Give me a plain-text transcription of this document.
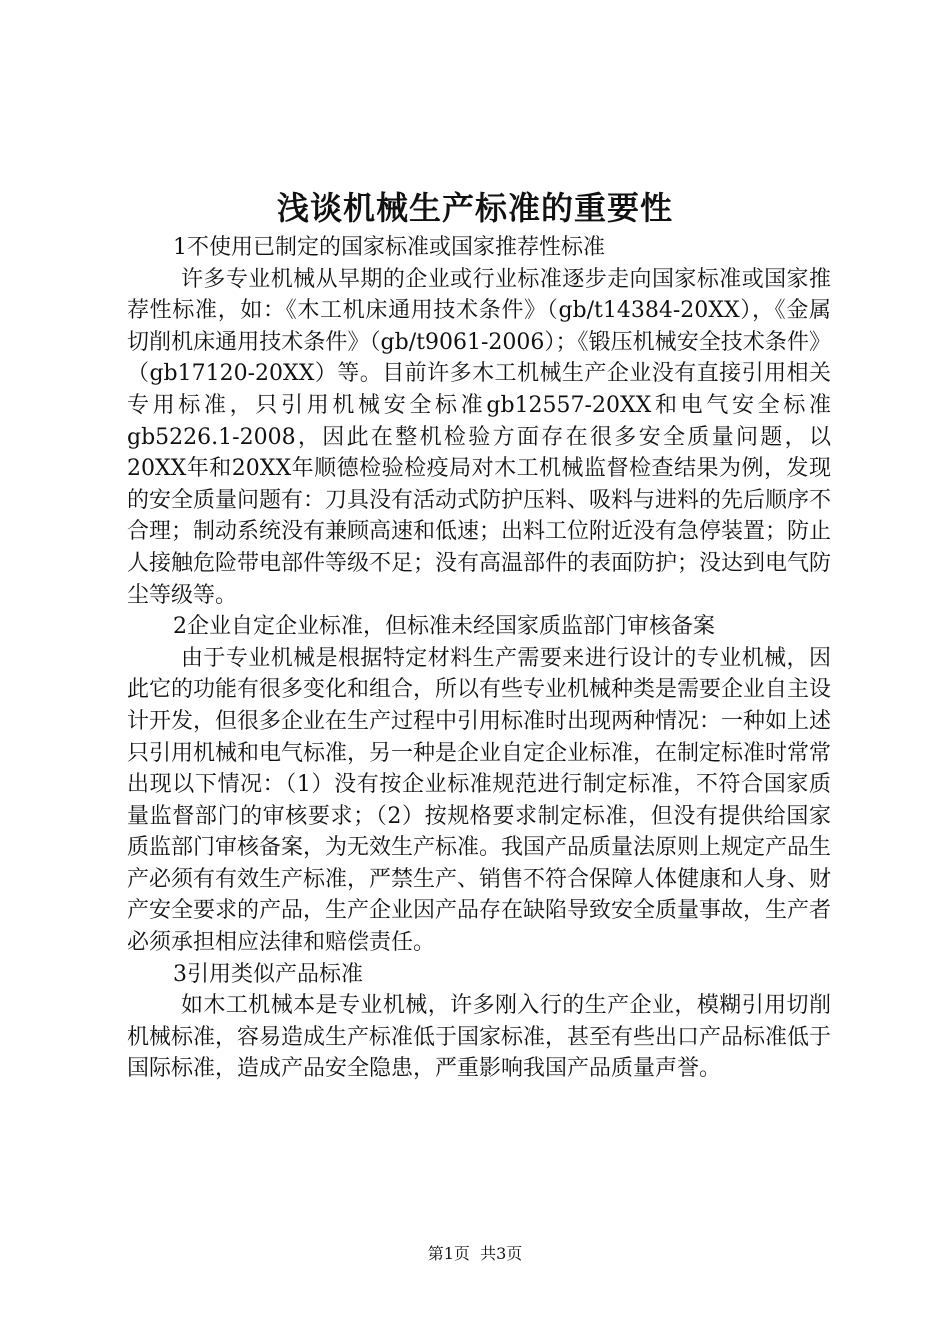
浅谈机械生产标准的重要性

1不使用已制定的国家标准或国家推荐性标准

许多专业机械从早期的企业或行业标准逐步走向国家标准或国家推荐性标准，如：《木工机床通用技术条件》（gb/t14384-20XX），《金属切削机床通用技术条件》（gb/t9061-2006）；《锻压机械安全技术条件》（gb17120-20XX）等。目前许多木工机械生产企业没有直接引用相关专用标准，只引用机械安全标准gb12557-20XX和电气安全标准gb5226.1-2008，因此在整机检验方面存在很多安全质量问题，以20XX年和20XX年顺德检验检疫局对木工机械监督检查结果为例，发现的安全质量问题有：刀具没有活动式防护压料、吸料与进料的先后顺序不合理；制动系统没有兼顾高速和低速；出料工位附近没有急停装置；防止人接触危险带电部件等级不足；没有高温部件的表面防护；没达到电气防尘等级等。

2企业自定企业标准，但标准未经国家质监部门审核备案

由于专业机械是根据特定材料生产需要来进行设计的专业机械，因此它的功能有很多变化和组合，所以有些专业机械种类是需要企业自主设计开发，但很多企业在生产过程中引用标准时出现两种情况：一种如上述只引用机械和电气标准，另一种是企业自定企业标准，在制定标准时常常出现以下情况：（1）没有按企业标准规范进行制定标准，不符合国家质量监督部门的审核要求；（2）按规格要求制定标准，但没有提供给国家质监部门审核备案，为无效生产标准。我国产品质量法原则上规定产品生产必须有有效生产标准，严禁生产、销售不符合保障人体健康和人身、财产安全要求的产品，生产企业因产品存在缺陷导致安全质量事故，生产者必须承担相应法律和赔偿责任。

3引用类似产品标准

如木工机械本是专业机械，许多刚入行的生产企业，模糊引用切削机械标准，容易造成生产标准低于国家标准，甚至有些出口产品标准低于国际标准，造成产品安全隐患，严重影响我国产品质量声誉。

第1页  共3页
